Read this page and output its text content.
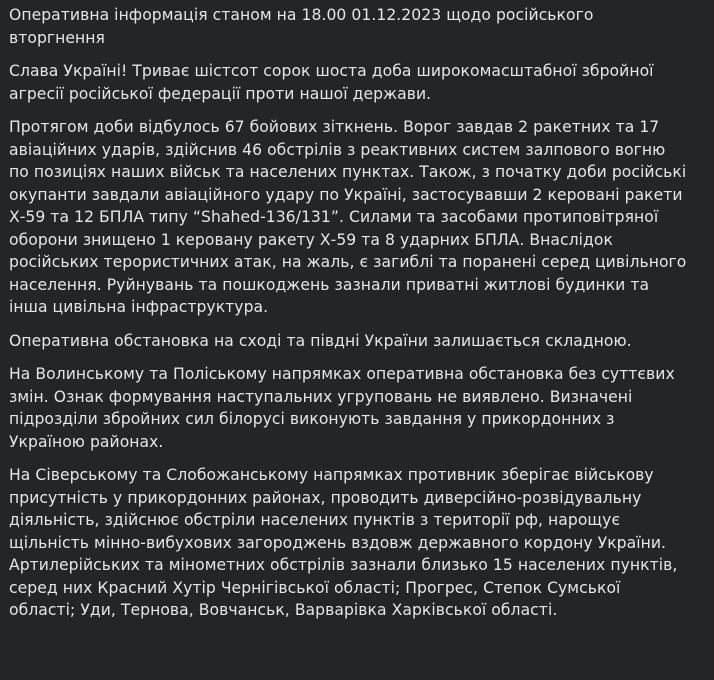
Оперативна інформація станом на 18.00 01.12.2023 щодо російського
вторгнення

Слава Україні! Триває шістсот сорок шоста доба широкомасштабної збройної
агресії російської федерації проти нашої держави.

Протягом доби відбулось 67 бойових зіткнень. Ворог завдав 2 ракетних та 17
авіаційних ударів, здійснив 46 обстрілів з реактивних систем залпового вогню
по позиціях наших військ та населених пунктах. Також, з початку доби російські
окупанти завдали авіаційного удару по Україні, застосувавши 2 керовані ракети
Х-59 та 12 БПЛА типу “Shahed-136/131”. Силами та засобами протиповітряної
оборони знищено 1 керовану ракету Х-59 та 8 ударних БПЛА. Внаслідок
російських терористичних атак, на жаль, є загиблі та поранені серед цивільного
населення. Руйнувань та пошкоджень зазнали приватні житлові будинки та
інша цивільна інфраструктура.

Оперативна обстановка на сході та півдні України залишається складною.

На Волинському та Поліському напрямках оперативна обстановка без суттєвих
змін. Ознак формування наступальних угруповань не виявлено. Визначені
підрозділи збройних сил білорусі виконують завдання у прикордонних з
Україною районах.

На Сіверському та Слобожанському напрямках противник зберігає військову
присутність у прикордонних районах, проводить диверсійно-розвідувальну
діяльність, здійснює обстріли населених пунктів з території рф, нарощує
щільність мінно-вибухових загороджень вздовж державного кордону України.
Артилерійських та мінометних обстрілів зазнали близько 15 населених пунктів,
серед них Красний Хутір Чернігівської області; Прогрес, Степок Сумської
області; Уди, Тернова, Вовчанськ, Варварівка Харківської області.
